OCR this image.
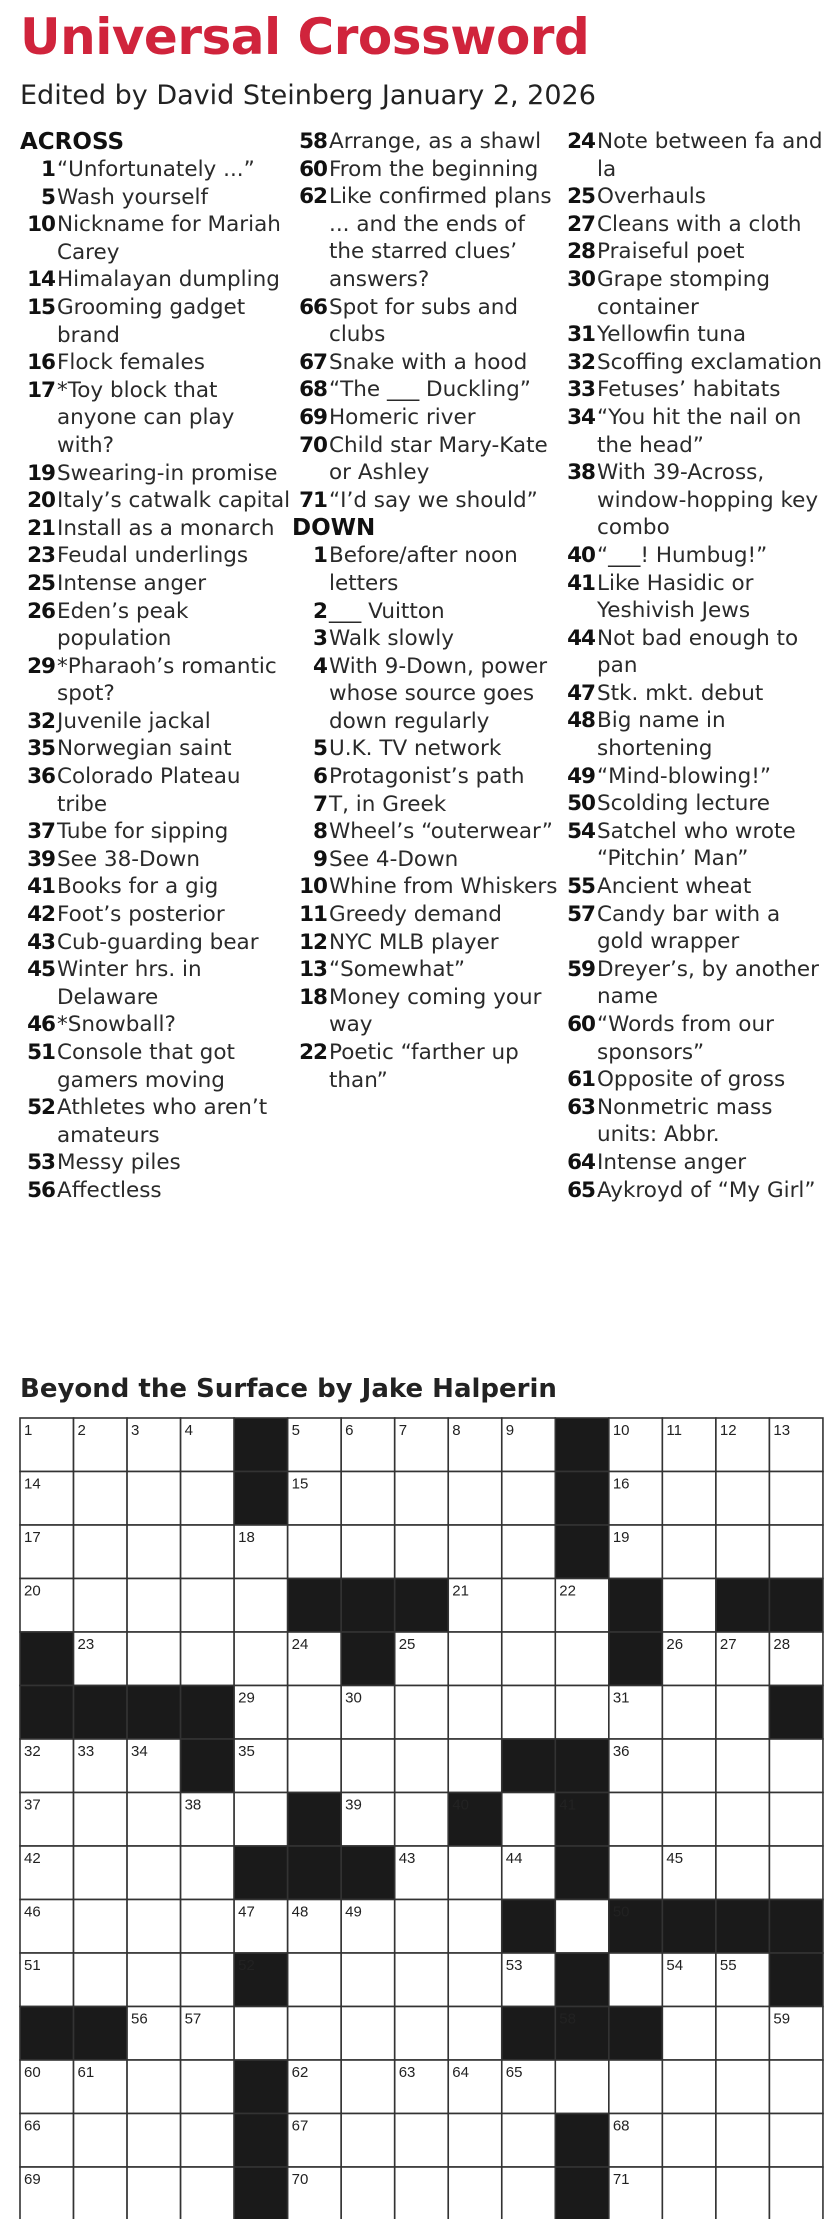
Universal Crossword
Edited by David Steinberg January 2, 2026
ACROSS
1 “Unfortunately ...”
5 Wash yourself
10 Nickname for Mariah Carey
14 Himalayan dumpling
15 Grooming gadget brand
16 Flock females
17 *Toy block that anyone can play with?
19 Swearing-in promise
20 Italy’s catwalk capital
21 Install as a monarch
23 Feudal underlings
25 Intense anger
26 Eden’s peak population
29 *Pharaoh’s romantic spot?
32 Juvenile jackal
35 Norwegian saint
36 Colorado Plateau tribe
37 Tube for sipping
39 See 38-Down
41 Books for a gig
42 Foot’s posterior
43 Cub-guarding bear
45 Winter hrs. in Delaware
46 *Snowball?
51 Console that got gamers moving
52 Athletes who aren’t amateurs
53 Messy piles
56 Affectless
58 Arrange, as a shawl
60 From the beginning
62 Like confirmed plans ... and the ends of the starred clues’ answers?
66 Spot for subs and clubs
67 Snake with a hood
68 “The ___ Duckling”
69 Homeric river
70 Child star Mary-Kate or Ashley
71 “I’d say we should”
DOWN
1 Before/after noon letters
2 ___ Vuitton
3 Walk slowly
4 With 9-Down, power whose source goes down regularly
5 U.K. TV network
6 Protagonist’s path
7 T, in Greek
8 Wheel’s “outerwear”
9 See 4-Down
10 Whine from Whiskers
11 Greedy demand
12 NYC MLB player
13 “Somewhat”
18 Money coming your way
22 Poetic “farther up than”
24 Note between fa and la
25 Overhauls
27 Cleans with a cloth
28 Praiseful poet
30 Grape stomping container
31 Yellowfin tuna
32 Scoffing exclamation
33 Fetuses’ habitats
34 “You hit the nail on the head”
38 With 39-Across, window-hopping key combo
40 “___! Humbug!”
41 Like Hasidic or Yeshivish Jews
44 Not bad enough to pan
47 Stk. mkt. debut
48 Big name in shortening
49 “Mind-blowing!”
50 Scolding lecture
54 Satchel who wrote “Pitchin’ Man”
55 Ancient wheat
57 Candy bar with a gold wrapper
59 Dreyer’s, by another name
60 “Words from our sponsors”
61 Opposite of gross
63 Nonmetric mass units: Abbr.
64 Intense anger
65 Aykroyd of “My Girl”
Beyond the Surface by Jake Halperin
1	2	3	4	5	6	7	8	9	10 11	12 13
14	15	16
17	18	19
20	21	22
23	24	25	26 27 28
29	30	31
32 33 34	35	36
37	38	39	40	41
42	43	44	45
46	47 48 49	50
51	52	53	54 55
56 57	58	59
60 61	62	63 64 65
66	67	68
69	70	71
